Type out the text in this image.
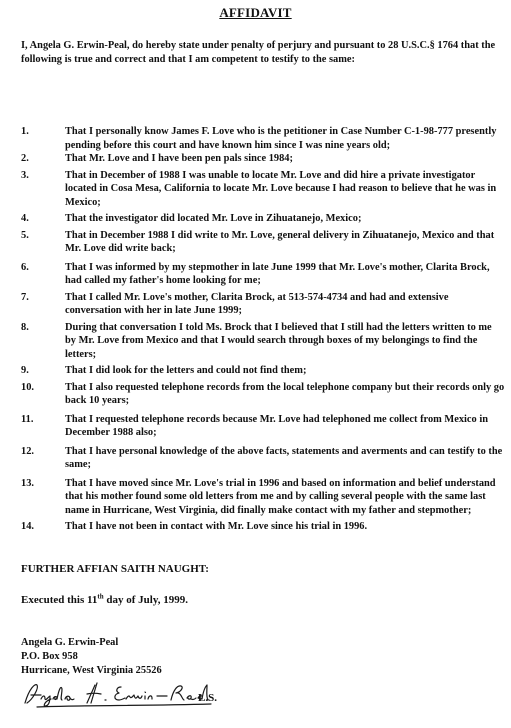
AFFIDAVIT
I, Angela G. Erwin-Peal, do hereby state under penalty of perjury and pursuant to 28 U.S.C.§ 1764 that the following is true and correct and that I am competent to testify to the same:
1.	That I personally know James F. Love who is the petitioner in Case Number C-1-98-777 presently pending before this court and have known him since I was nine years old;
2.	That Mr. Love and I have been pen pals since 1984;
3.	That in December of 1988 I was unable to locate Mr. Love and did hire a private investigator located in Cosa Mesa, California to locate Mr. Love because I had reason to believe that he was in Mexico;
4.	That the investigator did located Mr. Love in Zihuatanejo, Mexico;
5.	That in December 1988 I did write to Mr. Love, general delivery in Zihuatanejo, Mexico and that Mr. Love did write back;
6.	That I was informed by my stepmother in late June 1999 that Mr. Love's mother, Clarita Brock, had called my father's home looking for me;
7.	That I called Mr. Love's mother, Clarita Brock, at 513-574-4734 and had and extensive conversation with her in late June 1999;
8.	During that conversation I told Ms. Brock that I believed that I still had the letters written to me by Mr. Love from Mexico and that I would search through boxes of my belongings to find the letters;
9.	That I did look for the letters and could not find them;
10.	That I also requested telephone records from the local telephone company but their records only go back 10 years;
11.	That I requested telephone records because Mr. Love had telephoned me collect from Mexico in December 1988 also;
12.	That I have personal knowledge of the above facts, statements and averments and can testify to the same;
13.	That I have moved since Mr. Love's trial in 1996 and based on information and belief understand that his mother found some old letters from me and by calling several people with the same last name in Hurricane, West Virginia, did finally make contact with my father and stepmother;
14.	That I have not been in contact with Mr. Love since his trial in 1996.
FURTHER AFFIAN SAITH NAUGHT:
Executed this 11th day of July, 1999.
Angela G. Erwin-Peal
P.O. Box 958
Hurricane, West Virginia 25526
L.S.
